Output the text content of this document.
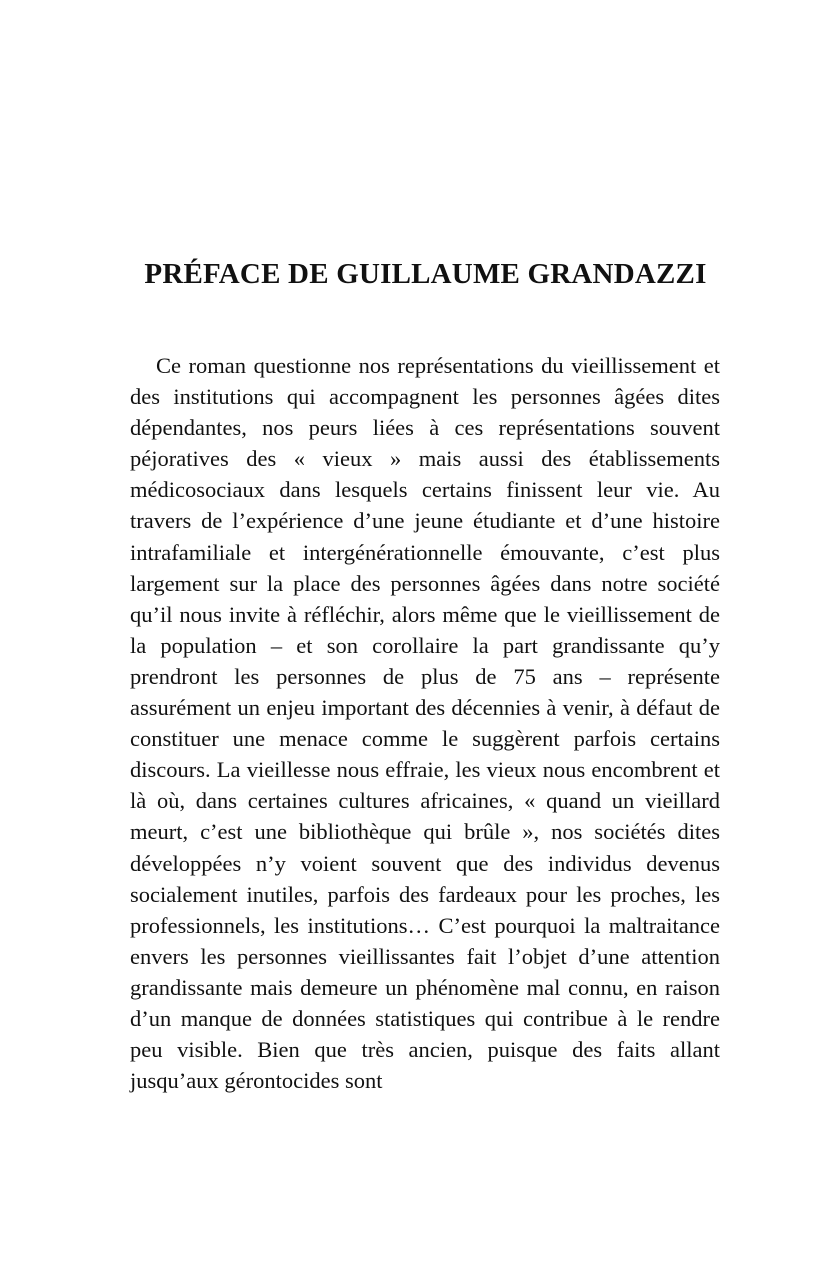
PRÉFACE DE GUILLAUME GRANDAZZI

Ce roman questionne nos représentations du vieillissement et des institutions qui accompagnent les personnes âgées dites dépendantes, nos peurs liées à ces représentations souvent péjoratives des « vieux » mais aussi des établissements médicosociaux dans lesquels certains finissent leur vie. Au travers de l’expérience d’une jeune étudiante et d’une histoire intrafamiliale et intergénérationnelle émouvante, c’est plus largement sur la place des personnes âgées dans notre société qu’il nous invite à réfléchir, alors même que le vieillissement de la population – et son corollaire la part grandissante qu’y prendront les personnes de plus de 75 ans – représente assurément un enjeu important des décennies à venir, à défaut de constituer une menace comme le suggèrent parfois certains discours. La vieillesse nous effraie, les vieux nous encombrent et là où, dans certaines cultures africaines, « quand un vieillard meurt, c’est une bibliothèque qui brûle », nos sociétés dites développées n’y voient souvent que des individus devenus socialement inutiles, parfois des fardeaux pour les proches, les professionnels, les institutions… C’est pourquoi la maltraitance envers les personnes vieillissantes fait l’objet d’une attention grandissante mais demeure un phénomène mal connu, en raison d’un manque de données statistiques qui contribue à le rendre peu visible. Bien que très ancien, puisque des faits allant jusqu’aux gérontocides sont
